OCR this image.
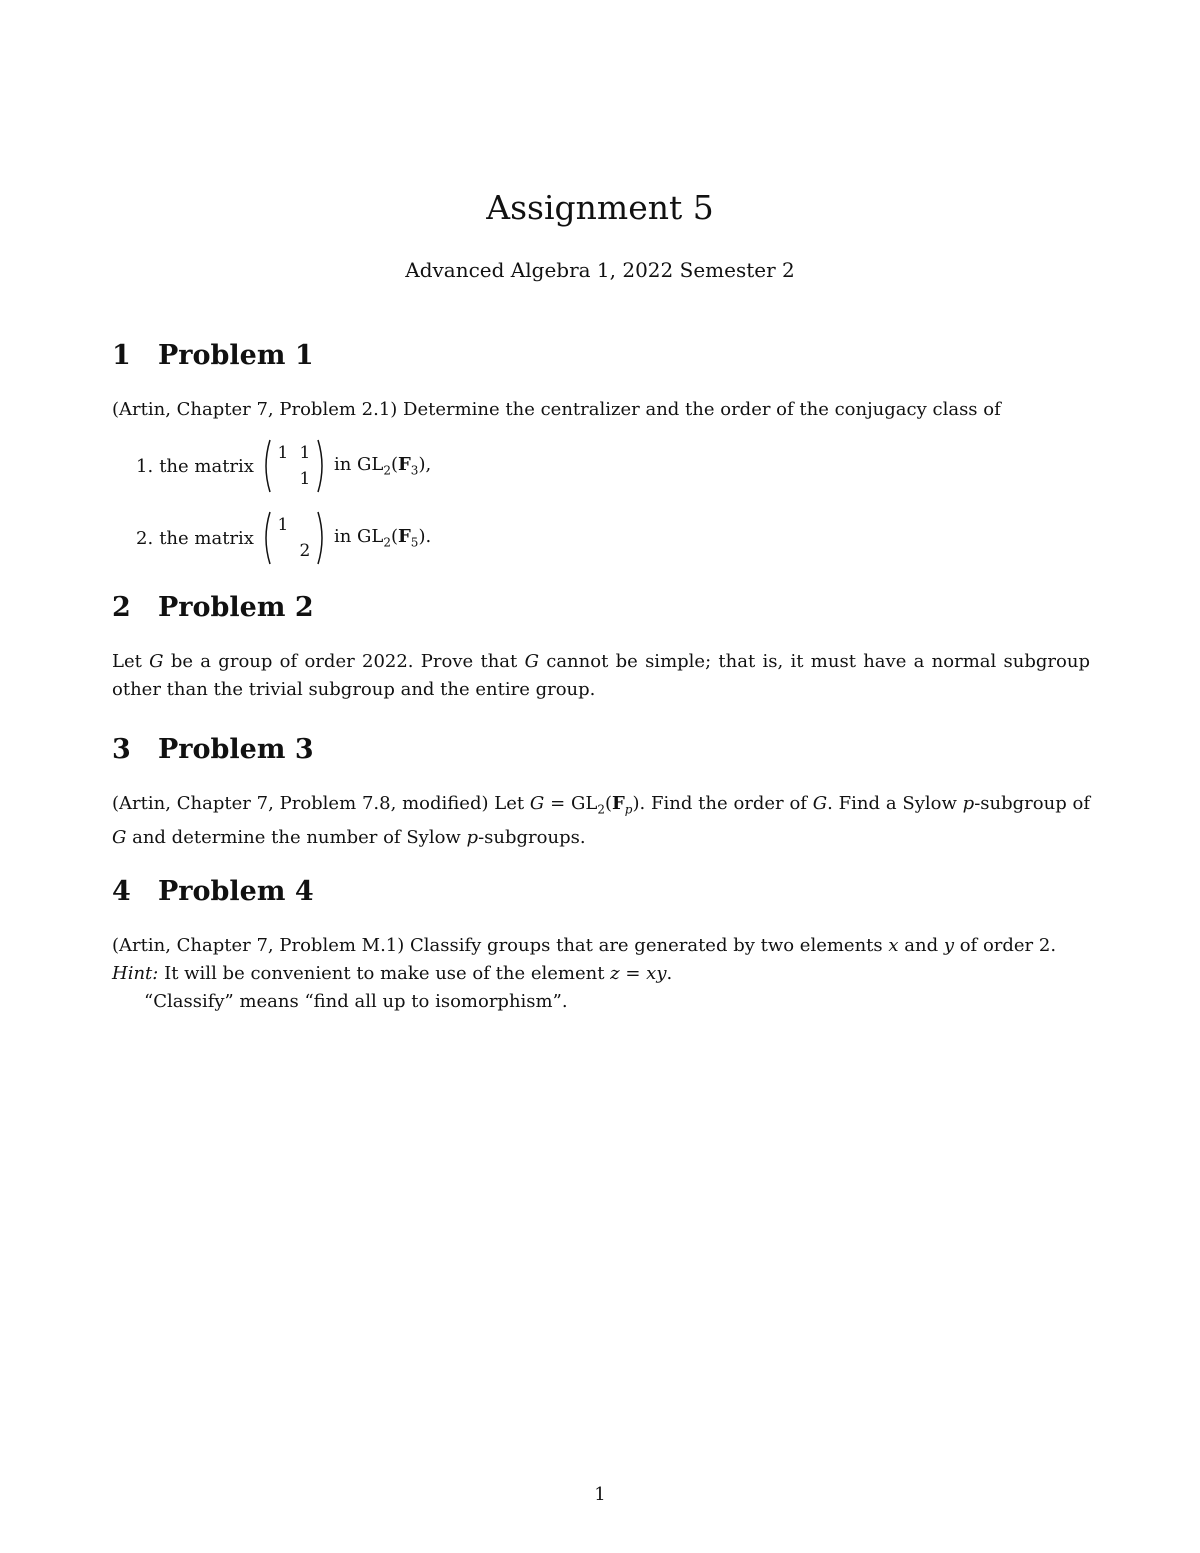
Assignment 5

Advanced Algebra 1, 2022 Semester 2

1 Problem 1

(Artin, Chapter 7, Problem 2.1) Determine the centralizer and the order of the conjugacy class of

1. the matrix
1 1
1
in $GL_2(F_3)$,
2. the matrix
1
2
in $GL_2(F_5)$.
2 Problem 2

Let G be a group of order 2022. Prove that G cannot be simple; that is, it must have a normal subgroup other than the trivial subgroup and the entire group.

3 Problem 3

(Artin, Chapter 7, Problem 7.8, modified) Let $G = GL_2(F_p)$. Find the order of G. Find a Sylow p-subgroup of G and determine the number of Sylow p-subgroups.

4 Problem 4

(Artin, Chapter 7, Problem M.1) Classify groups that are generated by two elements x and y of order 2.
Hint: It will be convenient to make use of the element z = xy.
“Classify” means “find all up to isomorphism”.

1
